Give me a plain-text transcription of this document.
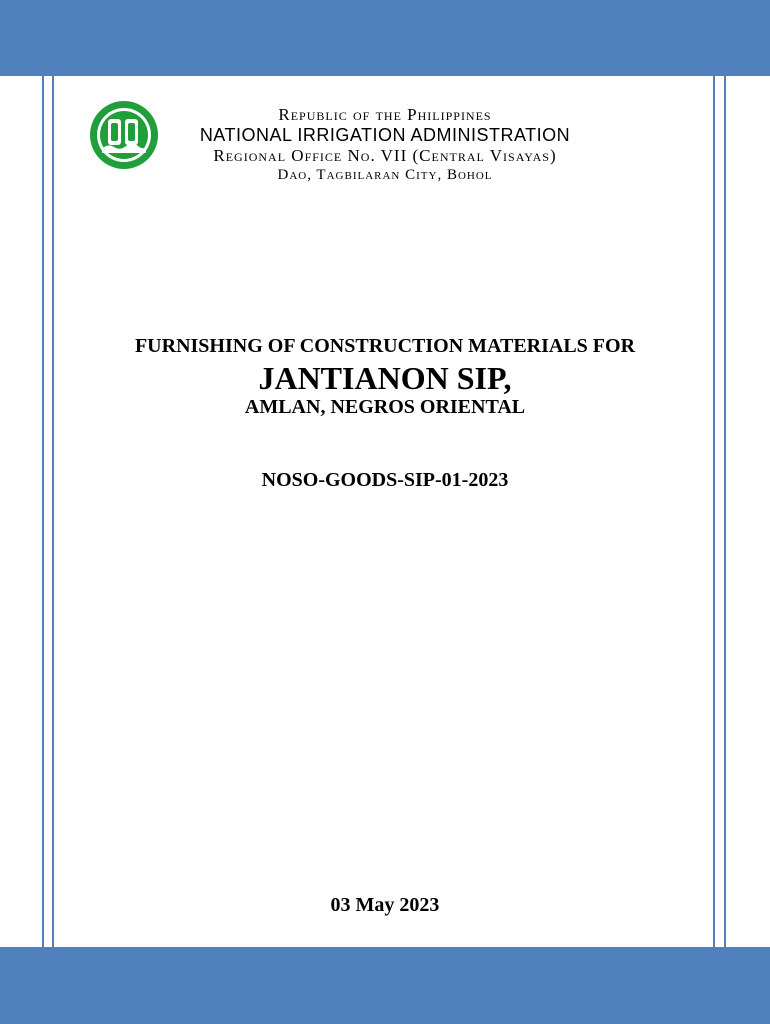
Republic of the Philippines
NATIONAL IRRIGATION ADMINISTRATION
Regional Office No. VII (Central Visayas)
Dao, Tagbilaran City, Bohol
FURNISHING OF CONSTRUCTION MATERIALS FOR
JANTIANON SIP,
AMLAN, NEGROS ORIENTAL
NOSO-GOODS-SIP-01-2023
03 May 2023
